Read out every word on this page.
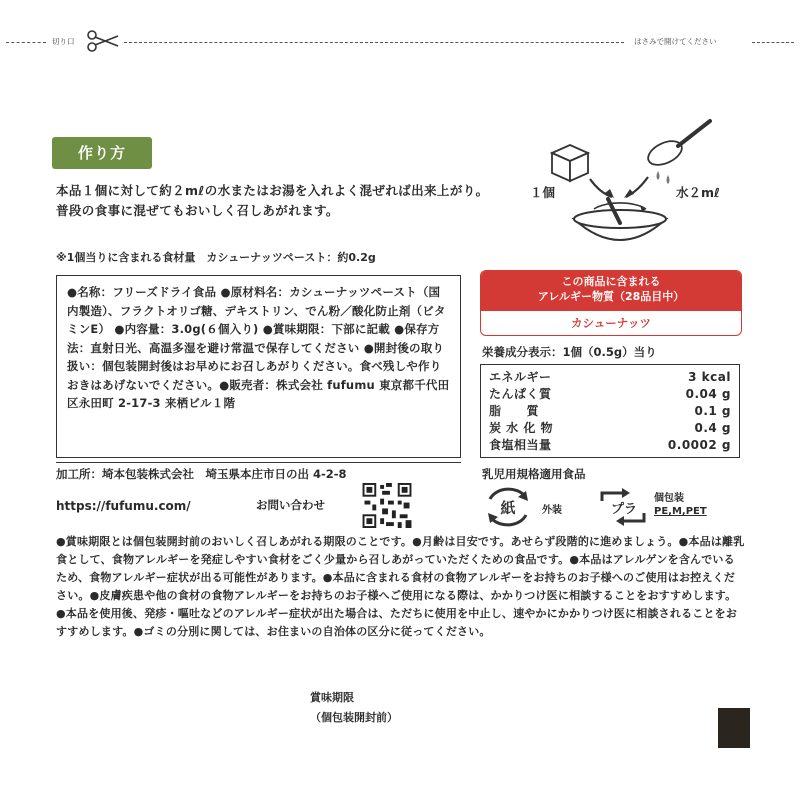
切り口	はさみで開けてください
作り方
本品１個に対して約２mℓの水またはお湯を入れよく混ぜれば出来上がり。普段の食事に混ぜてもおいしく召しあがれます。
※1個当りに含まれる食材量　カシューナッツペースト：約0.2g
１個	水２mℓ
●名称：フリーズドライ食品 ●原材料名：カシューナッツペースト（国内製造）、フラクトオリゴ糖、デキストリン、でん粉／酸化防止剤（ビタミンE） ●内容量：3.0g(６個入り) ●賞味期限：下部に記載 ●保存方法：直射日光、高温多湿を避け常温で保存してください ●開封後の取り扱い：個包装開封後はお早めにお召しあがりください。食べ残しや作りおきはあげないでください。●販売者：株式会社 fufumu 東京都千代田区永田町 2-17-3 来栖ビル１階
この商品に含まれる
アレルギー物質（28品目中）
カシューナッツ
栄養成分表示：1個（0.5g）当り
エネルギー	3 kcal
たんぱく質	0.04 g
脂　　質	0.1 g
炭 水 化 物	0.4 g
食塩相当量	0.0002 g
加工所：埼本包装株式会社　埼玉県本庄市日の出 4-2-8	乳児用規格適用食品
https://fufumu.com/	お問い合わせ	紙	外装	プラ
個包装
PE,M,PET
●賞味期限とは個包装開封前のおいしく召しあがれる期限のことです。●月齢は目安です。あせらず段階的に進めましょう。●本品は離乳食として、食物アレルギーを発症しやすい食材をごく少量から召しあがっていただくための食品です。●本品はアレルゲンを含んでいるため、食物アレルギー症状が出る可能性があります。●本品に含まれる食材の食物アレルギーをお持ちのお子様へのご使用はお控えください。●皮膚疾患や他の食材の食物アレルギーをお持ちのお子様へご使用になる際は、かかりつけ医に相談することをおすすめします。●本品を使用後、発疹・嘔吐などのアレルギー症状が出た場合は、ただちに使用を中止し、速やかにかかりつけ医に相談されることをおすすめします。●ゴミの分別に関しては、お住まいの自治体の区分に従ってください。
賞味期限
（個包装開封前）
